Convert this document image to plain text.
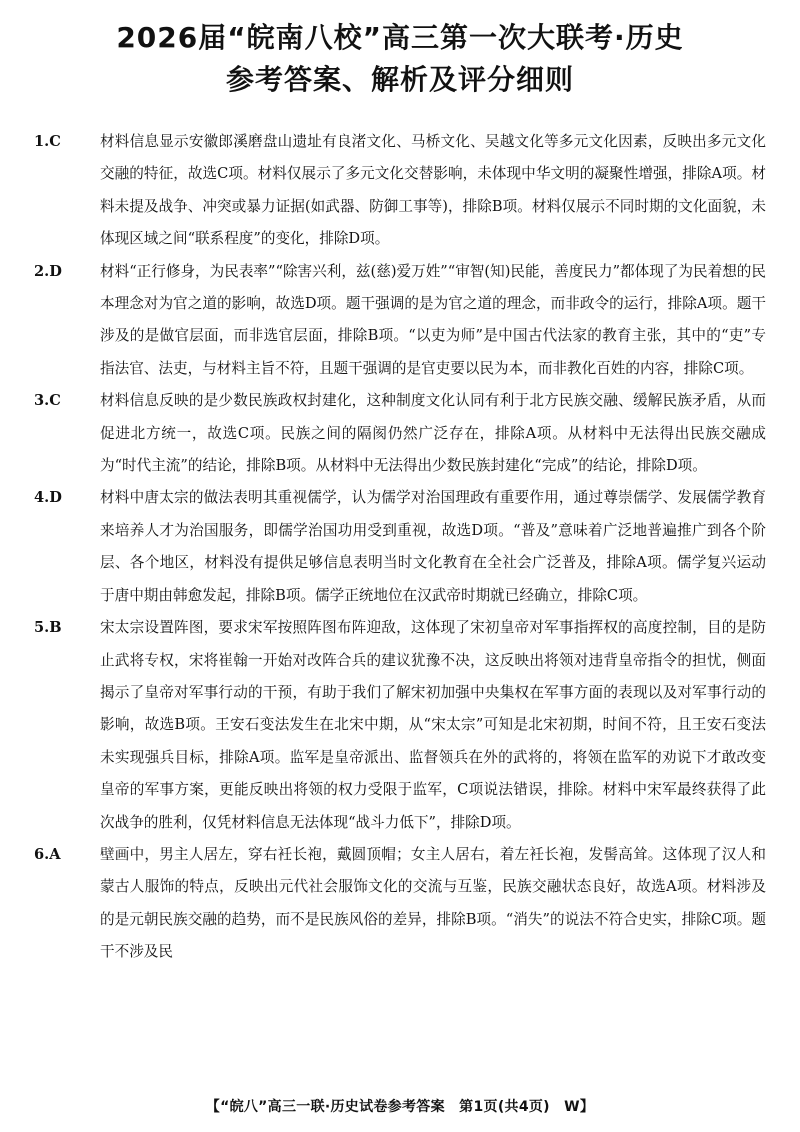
2026届“皖南八校”高三第一次大联考·历史
参考答案、解析及评分细则
1.C	材料信息显示安徽郎溪磨盘山遗址有良渚文化、马桥文化、吴越文化等多元文化因素，反映出多元文化交融的特征，故选C项。材料仅展示了多元文化交替影响，未体现中华文明的凝聚性增强，排除A项。材料未提及战争、冲突或暴力证据(如武器、防御工事等)，排除B项。材料仅展示不同时期的文化面貌，未体现区域之间“联系程度”的变化，排除D项。
2.D	材料“正行修身，为民表率”“除害兴利，兹(慈)爱万姓”“审智(知)民能，善度民力”都体现了为民着想的民本理念对为官之道的影响，故选D项。题干强调的是为官之道的理念，而非政令的运行，排除A项。题干涉及的是做官层面，而非选官层面，排除B项。“以吏为师”是中国古代法家的教育主张，其中的“吏”专指法官、法吏，与材料主旨不符，且题干强调的是官吏要以民为本，而非教化百姓的内容，排除C项。
3.C	材料信息反映的是少数民族政权封建化，这种制度文化认同有利于北方民族交融、缓解民族矛盾，从而促进北方统一，故选C项。民族之间的隔阂仍然广泛存在，排除A项。从材料中无法得出民族交融成为“时代主流”的结论，排除B项。从材料中无法得出少数民族封建化“完成”的结论，排除D项。
4.D	材料中唐太宗的做法表明其重视儒学，认为儒学对治国理政有重要作用，通过尊崇儒学、发展儒学教育来培养人才为治国服务，即儒学治国功用受到重视，故选D项。“普及”意味着广泛地普遍推广到各个阶层、各个地区，材料没有提供足够信息表明当时文化教育在全社会广泛普及，排除A项。儒学复兴运动于唐中期由韩愈发起，排除B项。儒学正统地位在汉武帝时期就已经确立，排除C项。
5.B	宋太宗设置阵图，要求宋军按照阵图布阵迎敌，这体现了宋初皇帝对军事指挥权的高度控制，目的是防止武将专权，宋将崔翰一开始对改阵合兵的建议犹豫不决，这反映出将领对违背皇帝指令的担忧，侧面揭示了皇帝对军事行动的干预，有助于我们了解宋初加强中央集权在军事方面的表现以及对军事行动的影响，故选B项。王安石变法发生在北宋中期，从“宋太宗”可知是北宋初期，时间不符，且王安石变法未实现强兵目标，排除A项。监军是皇帝派出、监督领兵在外的武将的，将领在监军的劝说下才敢改变皇帝的军事方案，更能反映出将领的权力受限于监军，C项说法错误，排除。材料中宋军最终获得了此次战争的胜利，仅凭材料信息无法体现“战斗力低下”，排除D项。
6.A	壁画中，男主人居左，穿右衽长袍，戴圆顶帽；女主人居右，着左衽长袍，发髻高耸。这体现了汉人和蒙古人服饰的特点，反映出元代社会服饰文化的交流与互鉴，民族交融状态良好，故选A项。材料涉及的是元朝民族交融的趋势，而不是民族风俗的差异，排除B项。“消失”的说法不符合史实，排除C项。题干不涉及民
【“皖八”高三一联·历史试卷参考答案　第1页(共4页)　W】
